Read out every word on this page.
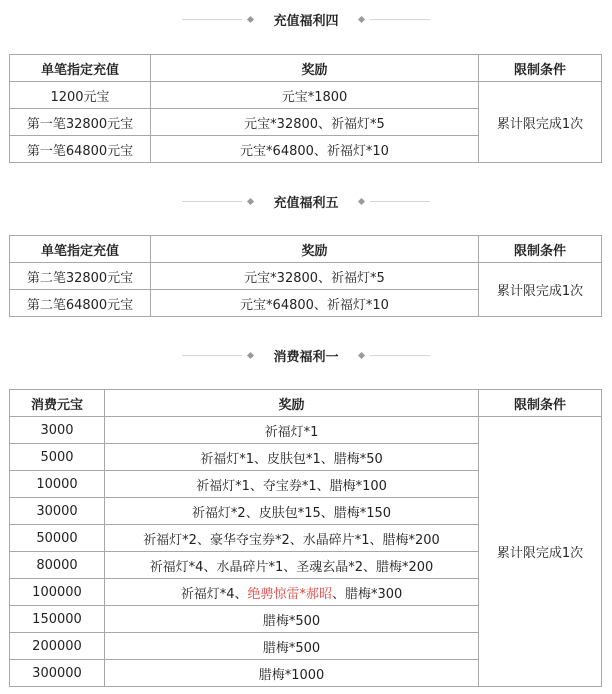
充值福利四
单笔指定充值	奖励	限制条件
1200元宝	元宝*1800	累计限完成1次
第一笔32800元宝	元宝*32800、祈福灯*5	
第一笔64800元宝	元宝*64800、祈福灯*10	
充值福利五
单笔指定充值	奖励	限制条件
第二笔32800元宝	元宝*32800、祈福灯*5	累计限完成1次
第二笔64800元宝	元宝*64800、祈福灯*10	
消费福利一
消费元宝	奖励	限制条件
3000	祈福灯*1	累计限完成1次
5000	祈福灯*1、皮肤包*1、腊梅*50	
10000	祈福灯*1、夺宝券*1、腊梅*100	
30000	祈福灯*2、皮肤包*15、腊梅*150	
50000	祈福灯*2、豪华夺宝券*2、水晶碎片*1、腊梅*200	
80000	祈福灯*4、水晶碎片*1、圣魂玄晶*2、腊梅*200	
100000	祈福灯*4、绝骋惊雷*郝昭、腊梅*300	
150000	腊梅*500	
200000	腊梅*500	
300000	腊梅*1000	
